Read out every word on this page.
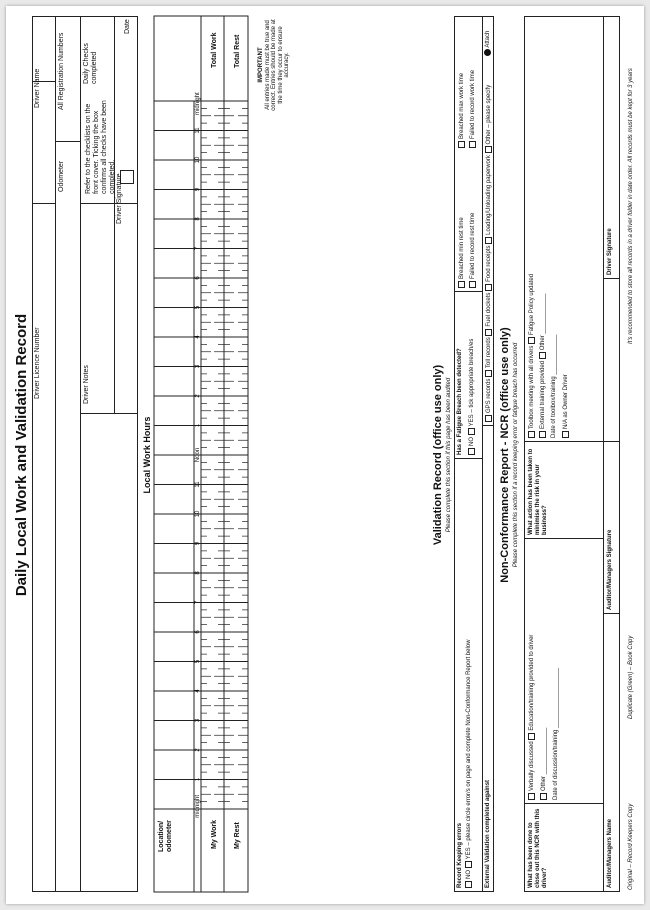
Daily Local Work and Validation Record
Driver Name
Driver Licence Number
All Registration Numbers
Odometer
Daily Checks completed
Refer to the checklists on the front cover. Ticking the box confirms all checks have been completed.
Driver Notes
Date
Driver Signature
Local Work Hours
midnight
1
2
3
4
5
6
7
8
9
10
11
Noon
1
2
3
4
5
6
7
8
9
10
11
midnight
Location/ odometer	My Work My Rest
IMPORTANT All entries made must be true and correct. Entries should be made at the time they occur to ensure accuracy.
Total Work Total Rest
Validation Record (office use only) Please complete this section if this page has been audited
Record Keeping errors NO YES – please circle error/s on page and complete Non-Conformance Report below
Has a Fatigue Breach been detected? NO YES – tick appropriate breach/es
Breached min rest time Failed to record rest time
Breached max work time Failed to record work time
External Validation completed against
GPS records Toll records Fuel dockets Food receipts Loading/Unloading paperwork Other – please specify
Attach
Non-Conformance Report - NCR (office use only) Please complete this section if a record keeping error or fatigue breach has occurred
What has been done to close out this NCR with this driver?
Verbally discussed Education/training provided to driver
Other ______________ Date of discussion/training __________________
What action has been taken to minimise the risk in your business?
Toolbox meeting with all drivers Fatigue Policy updated
External training provided Other ____________
Date of toolbox/training ____________
N/A as Owner Driver
Auditor/Managers Name
Auditor/Managers Signature
Driver Signature
Original – Record Keepers Copy
Duplicate (Green) – Book Copy
It's recommended to store all records in a driver folder in date order. All records must be kept for 3 years
